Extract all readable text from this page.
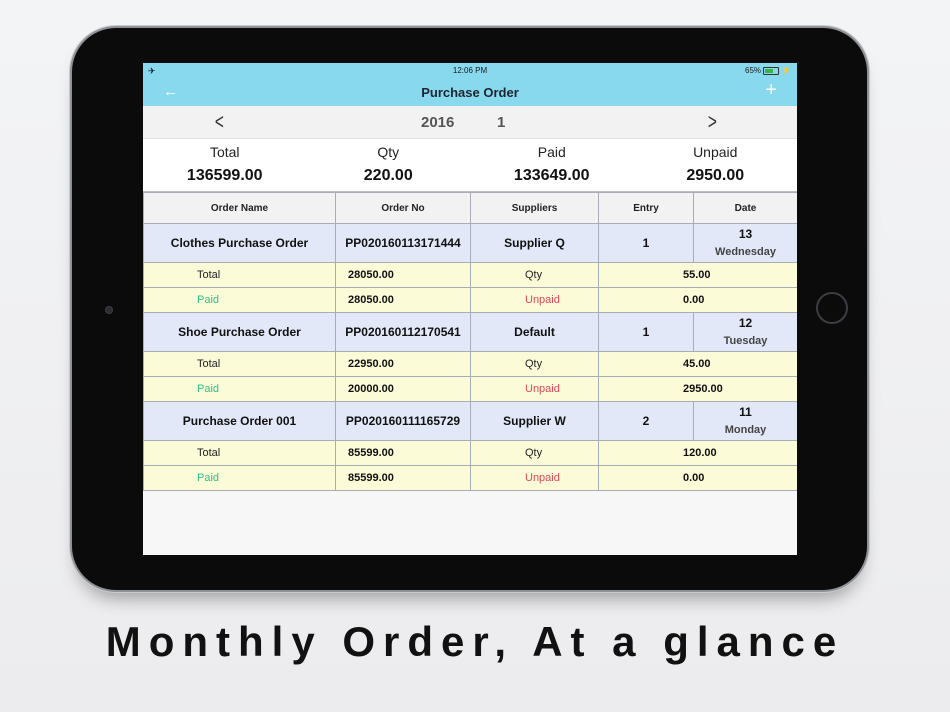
✈	12:06 PM	65%	⚡
←	Purchase Order	+
<	2016	1	>
Total
136599.00
Qty
220.00
Paid
133649.00
Unpaid
2950.00
Order Name	Order No	Suppliers	Entry	Date
Clothes Purchase Order	PP020160113171444	Supplier Q	1	13
Wednesday

Total	28050.00	Qty	55.00	
Paid	28050.00	Unpaid	0.00	
Shoe Purchase Order	PP020160112170541	Default	1	12
Tuesday

Total	22950.00	Qty	45.00	
Paid	20000.00	Unpaid	2950.00	
Purchase Order 001	PP020160111165729	Supplier W	2	11
Monday

Total	85599.00	Qty	120.00	
Paid	85599.00	Unpaid	0.00	
Monthly Order, At a glance
